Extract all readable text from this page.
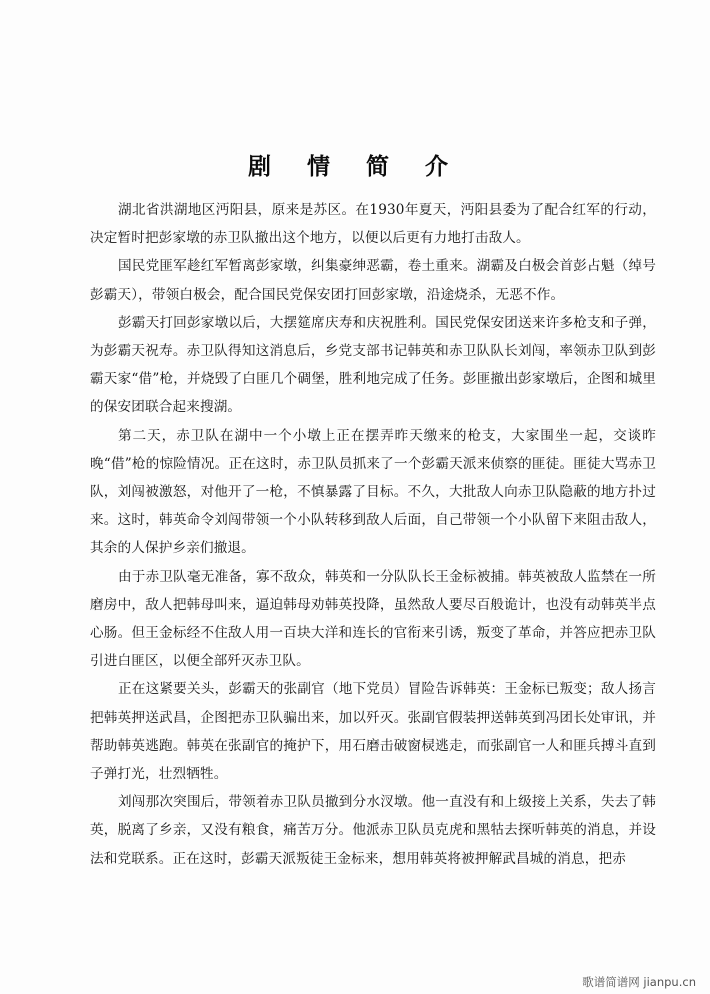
剧 情 简 介

湖北省洪湖地区沔阳县，原来是苏区。在1930年夏天，沔阳县委为了配合红军的行动，决定暂时把彭家墩的赤卫队撤出这个地方，以便以后更有力地打击敌人。

国民党匪军趁红军暂离彭家墩，纠集豪绅恶霸，卷土重来。湖霸及白极会首彭占魁（绰号彭霸天），带领白极会，配合国民党保安团打回彭家墩，沿途烧杀，无恶不作。

彭霸天打回彭家墩以后，大摆筵席庆寿和庆祝胜利。国民党保安团送来许多枪支和子弹，为彭霸天祝寿。赤卫队得知这消息后，乡党支部书记韩英和赤卫队队长刘闯，率领赤卫队到彭霸天家“借”枪，并烧毁了白匪几个碉堡，胜利地完成了任务。彭匪撤出彭家墩后，企图和城里的保安团联合起来搜湖。

第二天，赤卫队在湖中一个小墩上正在摆弄昨天缴来的枪支，大家围坐一起，交谈昨晚“借”枪的惊险情况。正在这时，赤卫队员抓来了一个彭霸天派来侦察的匪徒。匪徒大骂赤卫队，刘闯被激怒，对他开了一枪，不慎暴露了目标。不久，大批敌人向赤卫队隐蔽的地方扑过来。这时，韩英命令刘闯带领一个小队转移到敌人后面，自己带领一个小队留下来阻击敌人，其余的人保护乡亲们撤退。

由于赤卫队毫无准备，寡不敌众，韩英和一分队队长王金标被捕。韩英被敌人监禁在一所磨房中，敌人把韩母叫来，逼迫韩母劝韩英投降，虽然敌人要尽百般诡计，也没有动韩英半点心肠。但王金标经不住敌人用一百块大洋和连长的官衔来引诱，叛变了革命，并答应把赤卫队引进白匪区，以便全部歼灭赤卫队。

正在这紧要关头，彭霸天的张副官（地下党员）冒险告诉韩英：王金标已叛变；敌人扬言把韩英押送武昌，企图把赤卫队骗出来，加以歼灭。张副官假装押送韩英到冯团长处审讯，并帮助韩英逃跑。韩英在张副官的掩护下，用石磨击破窗棂逃走，而张副官一人和匪兵搏斗直到子弹打光，壮烈牺牲。

刘闯那次突围后，带领着赤卫队员撤到分水汊墩。他一直没有和上级接上关系，失去了韩英，脱离了乡亲，又没有粮食，痛苦万分。他派赤卫队员克虎和黑牯去探听韩英的消息，并设法和党联系。正在这时，彭霸天派叛徒王金标来，想用韩英将被押解武昌城的消息，把赤

歌谱简谱网 jianpu.cn
